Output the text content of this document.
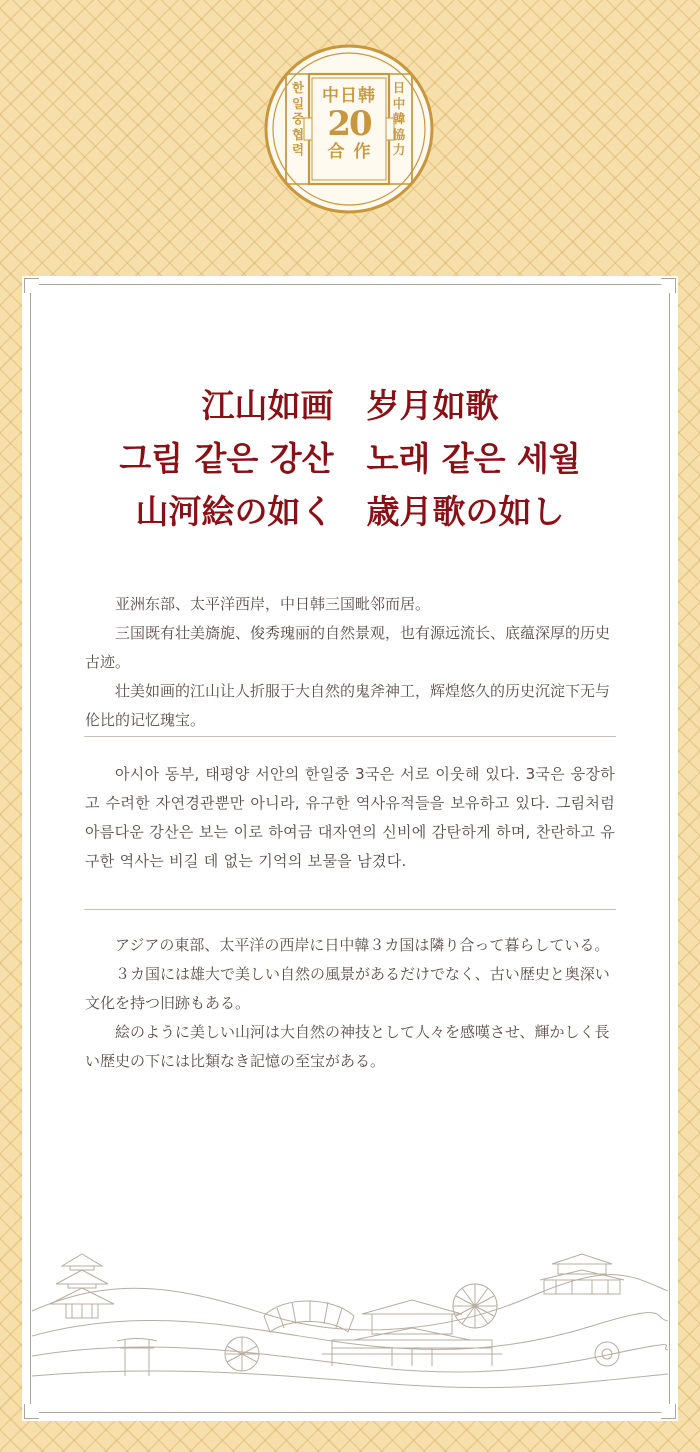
한
일
중
협
력
日
中
韓
協
力
中日韩
20
合作
江山如画　岁月如歌
그림 같은 강산　노래 같은 세월
山河絵の如く　歳月歌の如し

亚洲东部、太平洋西岸，中日韩三国毗邻而居。

三国既有壮美旖旎、俊秀瑰丽的自然景观，也有源远流长、底蕴深厚的历史古迹。

壮美如画的江山让人折服于大自然的鬼斧神工，辉煌悠久的历史沉淀下无与伦比的记忆瑰宝。

아시아 동부, 태평양 서안의 한일중 3국은 서로 이웃해 있다. 3국은 웅장하고 수려한 자연경관뿐만 아니라, 유구한 역사유적들을 보유하고 있다. 그림처럼 아름다운 강산은 보는 이로 하여금 대자연의 신비에 감탄하게 하며, 찬란하고 유구한 역사는 비길 데 없는 기억의 보물을 남겼다.

アジアの東部、太平洋の西岸に日中韓３カ国は隣り合って暮らしている。

３カ国には雄大で美しい自然の風景があるだけでなく、古い歴史と奥深い文化を持つ旧跡もある。

絵のように美しい山河は大自然の神技として人々を感嘆させ、輝かしく長い歴史の下には比類なき記憶の至宝がある。
